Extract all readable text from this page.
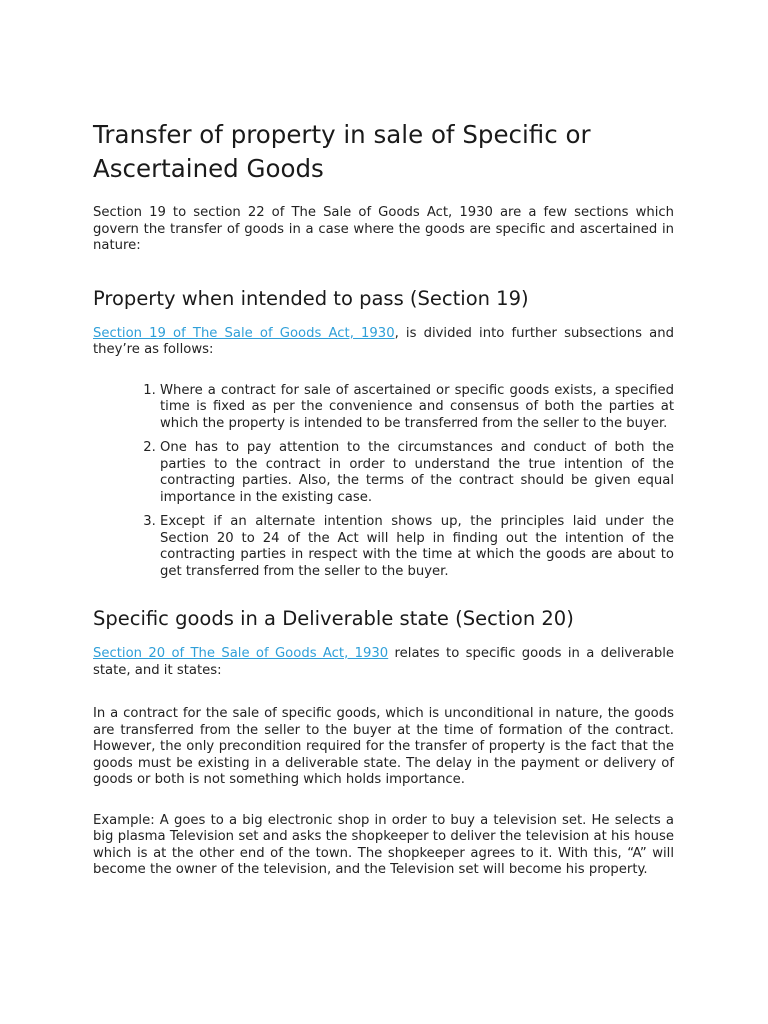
Transfer of property in sale of Specific or Ascertained Goods

Section 19 to section 22 of The Sale of Goods Act, 1930 are a few sections which govern the transfer of goods in a case where the goods are specific and ascertained in nature:

Property when intended to pass (Section 19)

Section 19 of The Sale of Goods Act, 1930, is divided into further subsections and they’re as follows:

1. Where a contract for sale of ascertained or specific goods exists, a specified time is fixed as per the convenience and consensus of both the parties at which the property is intended to be transferred from the seller to the buyer.
2. One has to pay attention to the circumstances and conduct of both the parties to the contract in order to understand the true intention of the contracting parties. Also, the terms of the contract should be given equal importance in the existing case.
3. Except if an alternate intention shows up, the principles laid under the Section 20 to 24 of the Act will help in finding out the intention of the contracting parties in respect with the time at which the goods are about to get transferred from the seller to the buyer.
Specific goods in a Deliverable state (Section 20)

Section 20 of The Sale of Goods Act, 1930 relates to specific goods in a deliverable state, and it states:

In a contract for the sale of specific goods, which is unconditional in nature, the goods are transferred from the seller to the buyer at the time of formation of the contract. However, the only precondition required for the transfer of property is the fact that the goods must be existing in a deliverable state. The delay in the payment or delivery of goods or both is not something which holds importance.

Example: A goes to a big electronic shop in order to buy a television set. He selects a big plasma Television set and asks the shopkeeper to deliver the television at his house which is at the other end of the town. The shopkeeper agrees to it. With this, “A” will become the owner of the television, and the Television set will become his property.
